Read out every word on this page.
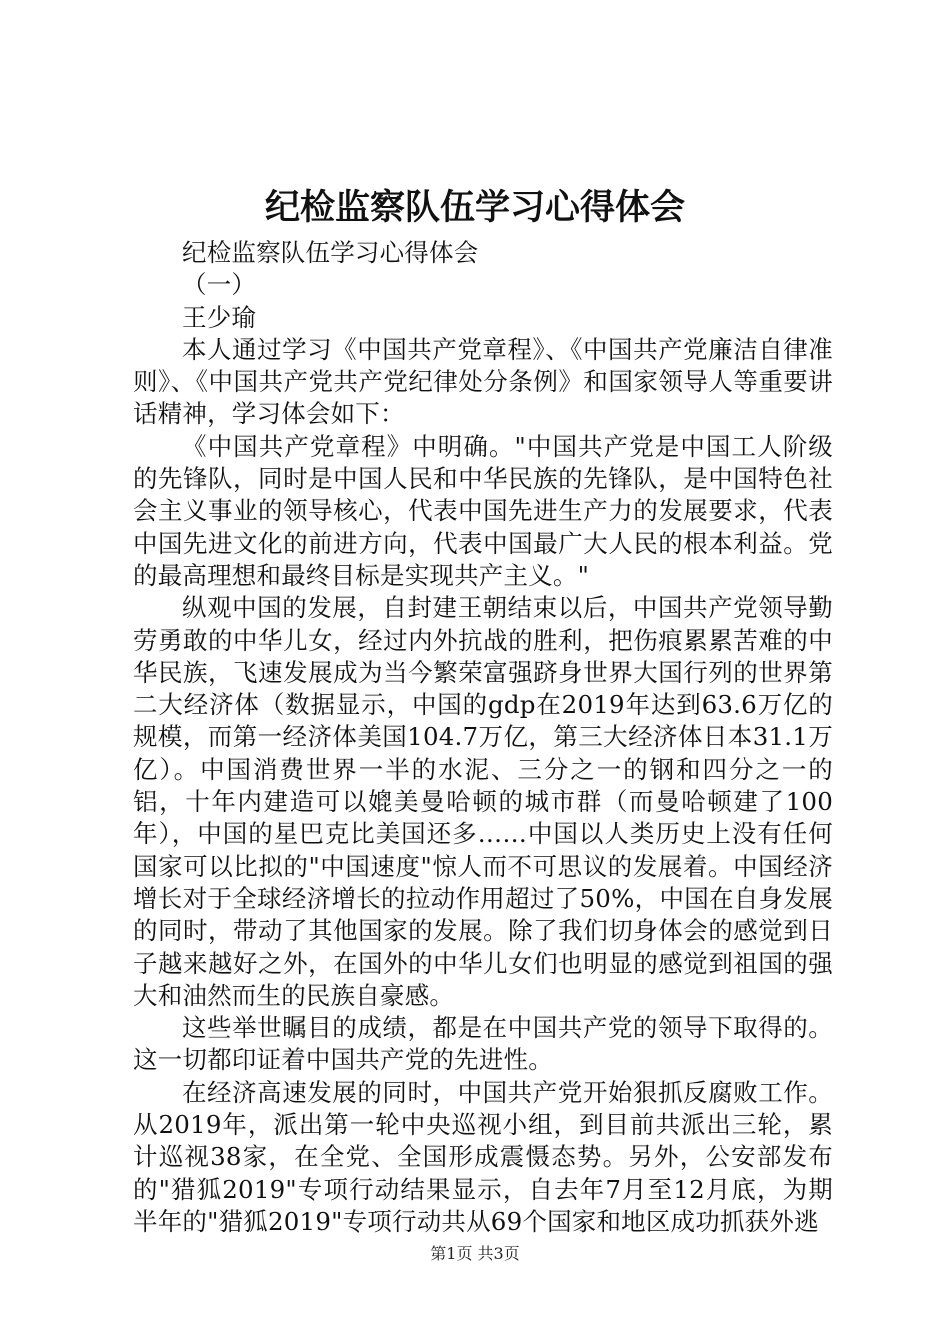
纪检监察队伍学习心得体会

纪检监察队伍学习心得体会

（一）

王少瑜

本人通过学习《中国共产党章程》、《中国共产党廉洁自律准则》、《中国共产党共产党纪律处分条例》和国家领导人等重要讲话精神，学习体会如下：

《中国共产党章程》中明确。"中国共产党是中国工人阶级的先锋队，同时是中国人民和中华民族的先锋队，是中国特色社会主义事业的领导核心，代表中国先进生产力的发展要求，代表中国先进文化的前进方向，代表中国最广大人民的根本利益。党的最高理想和最终目标是实现共产主义。"

纵观中国的发展，自封建王朝结束以后，中国共产党领导勤劳勇敢的中华儿女，经过内外抗战的胜利，把伤痕累累苦难的中华民族，飞速发展成为当今繁荣富强跻身世界大国行列的世界第二大经济体（数据显示，中国的gdp在2019年达到63.6万亿的规模，而第一经济体美国104.7万亿，第三大经济体日本31.1万亿）。中国消费世界一半的水泥、三分之一的钢和四分之一的铝，十年内建造可以媲美曼哈顿的城市群（而曼哈顿建了100年），中国的星巴克比美国还多……中国以人类历史上没有任何国家可以比拟的"中国速度"惊人而不可思议的发展着。中国经济增长对于全球经济增长的拉动作用超过了50%，中国在自身发展的同时，带动了其他国家的发展。除了我们切身体会的感觉到日子越来越好之外，在国外的中华儿女们也明显的感觉到祖国的强大和油然而生的民族自豪感。

这些举世瞩目的成绩，都是在中国共产党的领导下取得的。这一切都印证着中国共产党的先进性。

在经济高速发展的同时，中国共产党开始狠抓反腐败工作。从2019年，派出第一轮中央巡视小组，到目前共派出三轮，累计巡视38家，在全党、全国形成震慑态势。另外，公安部发布的"猎狐2019"专项行动结果显示，自去年7月至12月底，为期半年的"猎狐2019"专项行动共从69个国家和地区成功抓获外逃

第1页 共3页
